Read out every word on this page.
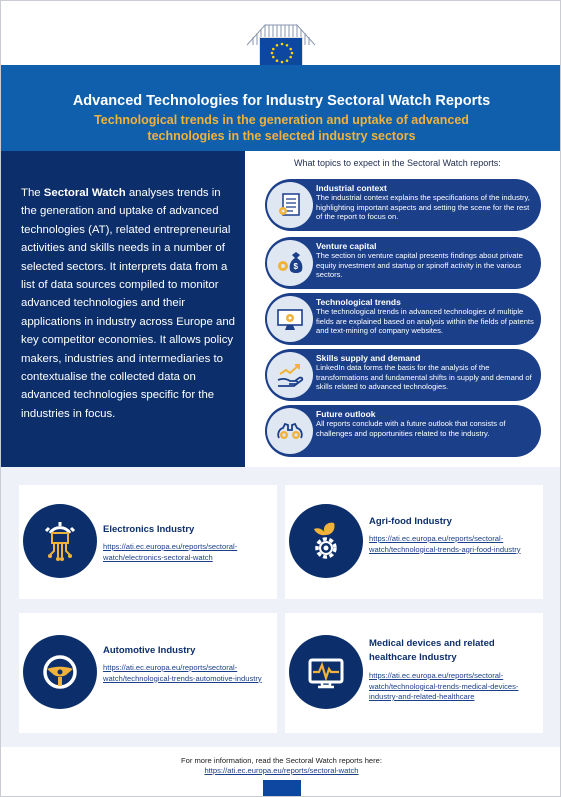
Advanced Technologies for Industry Sectoral Watch Reports
Technological trends in the generation and uptake of advanced technologies in the selected industry sectors
The Sectoral Watch analyses trends in the generation and uptake of advanced technologies (AT), related entrepreneurial activities and skills needs in a number of selected sectors. It interprets data from a list of data sources compiled to monitor advanced technologies and their applications in industry across Europe and key competitor economies. It allows policy makers, industries and intermediaries to contextualise the collected data on advanced technologies specific for the industries in focus.
What topics to expect in the Sectoral Watch reports:
Industrial context
The industrial context explains the specifications of the industry, highlighting important aspects and setting the scene for the rest of the report to focus on.
$
Venture capital
The section on venture capital presents findings about private equity investment and startup or spinoff activity in the various sectors.
Technological trends
The technological trends in advanced technologies of multiple fields are explained based on analysis within the fields of patents and text-mining of company websites.
Skills supply and demand
LinkedIn data forms the basis for the analysis of the transformations and fundamental shifts in supply and demand of skills related to advanced technologies.
Future outlook
All reports conclude with a future outlook that consists of challenges and opportunities related to the industry.
Electronics Industry
https://ati.ec.europa.eu/reports/sectoral-watch/electronics-sectoral-watch
Agri-food Industry
https://ati.ec.europa.eu/reports/sectoral-watch/technological-trends-agri-food-industry
Automotive Industry
https://ati.ec.europa.eu/reports/sectoral-watch/technological-trends-automotive-industry
Medical devices and related healthcare Industry
https://ati.ec.europa.eu/reports/sectoral-watch/technological-trends-medical-devices-industry-and-related-healthcare
For more information, read the Sectoral Watch reports here:
https://ati.ec.europa.eu/reports/sectoral-watch
